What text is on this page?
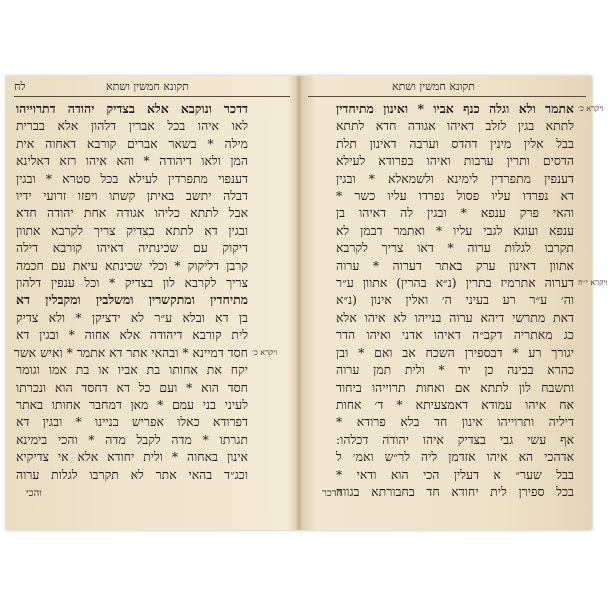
תקונא חמשין ושתא
לח
דדכר ונוקבא אלא בצדיק יהודה דתרוייהו
לאו איהו בכל אברין דלהון אלא בברית
מילה * בשאר אברים קורבא דאחוה אית
המן ולאו דיהודה * והא איהו רזא דאלינא
דענפוי מתפרדין לעילא בכל סטרא * ובגין
דבלה יתשב באיתן קשתו ויפזו זרועי ידיו
אבל לתתא כליהו אגודה אחת יהודה חדא
ובגין דא לתתא בצדיק צריך לקרבא אתוון
דיקוק עם שכינתיה דאיהו קורבא דילה
קרבן דליקוק * וכלי שכינתא עיאת עם חכמה
צריך לקרבא לון בצדיק * וכל ענפין דלהון
מתיחדין ומתקשרין ומשלבין ומקבלין דא
בן דא ובלא ע״ר לא ידציקן * ולא צדיק
לית קורבא דיהודה אלא אחוה * ובגין דא
חסד דמיינא * ובהאי אתר דא אתמר * ואיש אשר
יקח את אחותו בת אביו או בת אמו וגומר
חסד הוא * ועם כל דא דחסד הוא ונכרתו
לעיני בני עמם * מאן דמחבר אחותו באתר
דפרודא כאלו אפריש בניינו * ובגין דא
תגרתו * מדה לקבל מדה * והכי בימינא
אינון באחוה * ולית יחודא אלא אי צדיקיא
וכג״ד בהאי אתר לא תקרבו לגלות ערוה
והכי
ויקרא כ׳
תקונא חמשין ושתא
אתמר ולא וגלה כנף אביו * ואינון מתיחדין
לתתא בגין לזלב דאיהו אגודה חדא לתתא
בבל אלין מינין דהדס וערבה דאינון תלת
הדסים ותרין ערבות ואיהו בפרודא לעילא
דענפין מתפרדין לימינא ולשמאלא * ובגין
דא נפרדו עליו פסול נפרדו עליו כשר *
והאי פרק ענפא * ובגין לה דאיהו בן
ענפא ועוגא לגבי עליו * ואתמר דבמן לא
תקרבו לגלות ערוה * דאו צריך לקרבא
אתוון דאינון ערק באתר דערוה * ערוה
דערוה אתרמיז בתרין (נ״א בהרין) אתוון ע״ר
וה׳ ע״ר רע בעיני ה׳ ואלין אינון (נ״א
דאת מתרשי דיהא ערוה בנייהו לא איהו אלא
כג מאתריה דקב״ה דאיהו אדני ואיהו הדר
יגורך רע * דבספירן השכח אב ואם * ובן
כהרא בבינה כן יוד * ולית תמן ערוה
ותשבח לון לתתא אם ואחות תרוייהו ביחוד
אח איהו עמודא דאמצעיתא * ד׳ אחות
דיליה ותרוייהו אינון חד בלא פרודא *
אף עשי גבי בצדיק איהו יהודה דכלהו:
אדהכי הא איהו אזדמן ליה לר״ש ואמ׳ ל
בבל שער״ א דעלין הכי הוא ודאי *
בכל ספירן לית יחודא חד בחבורתא בגווה
דדכר
ויקרא כ׳
ויקרא י״ח
